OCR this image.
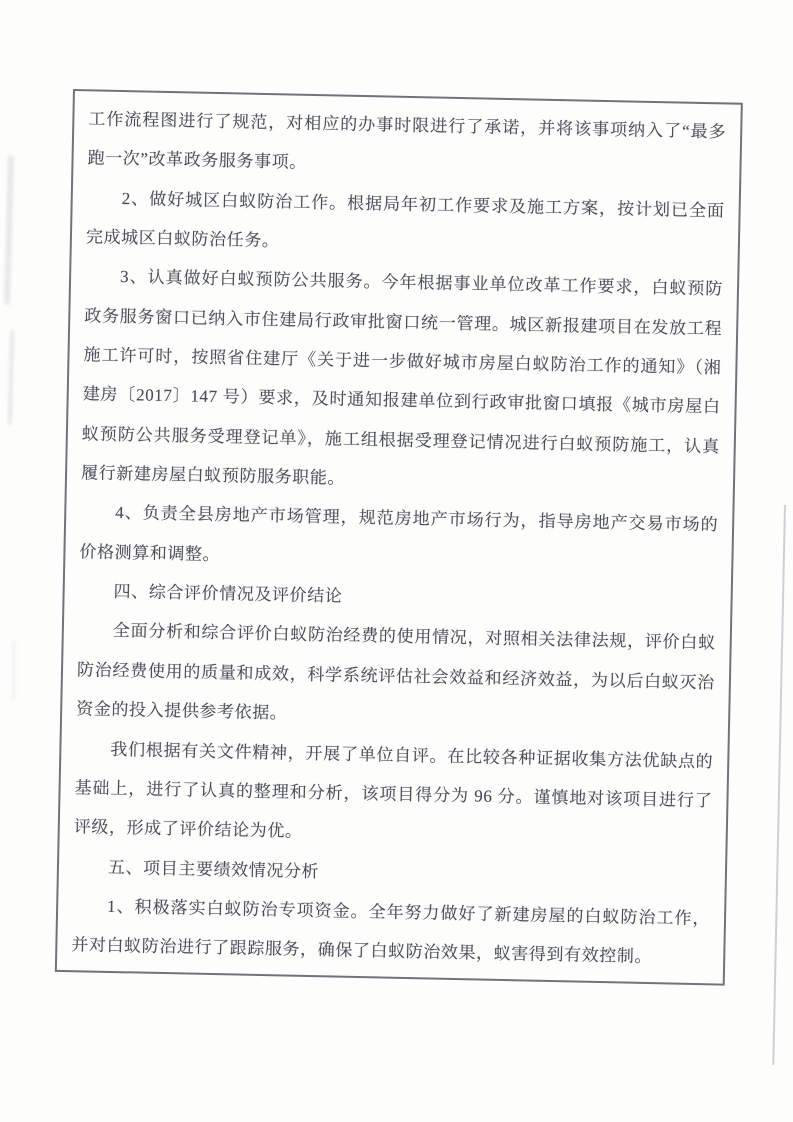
工作流程图进行了规范，对相应的办事时限进行了承诺，并将该事项纳入了“最多
跑一次”改革政务服务事项。
2、做好城区白蚁防治工作。根据局年初工作要求及施工方案，按计划已全面
完成城区白蚁防治任务。
3、认真做好白蚁预防公共服务。今年根据事业单位改革工作要求，白蚁预防
政务服务窗口已纳入市住建局行政审批窗口统一管理。城区新报建项目在发放工程
施工许可时，按照省住建厅《关于进一步做好城市房屋白蚁防治工作的通知》（湘
建房〔2017〕147 号）要求，及时通知报建单位到行政审批窗口填报《城市房屋白
蚁预防公共服务受理登记单》，施工组根据受理登记情况进行白蚁预防施工，认真
履行新建房屋白蚁预防服务职能。
4、负责全县房地产市场管理，规范房地产市场行为，指导房地产交易市场的
价格测算和调整。
四、综合评价情况及评价结论
全面分析和综合评价白蚁防治经费的使用情况，对照相关法律法规，评价白蚁
防治经费使用的质量和成效，科学系统评估社会效益和经济效益，为以后白蚁灭治
资金的投入提供参考依据。
我们根据有关文件精神，开展了单位自评。在比较各种证据收集方法优缺点的
基础上，进行了认真的整理和分析，该项目得分为 96 分。谨慎地对该项目进行了
评级，形成了评价结论为优。
五、项目主要绩效情况分析
1、积极落实白蚁防治专项资金。全年努力做好了新建房屋的白蚁防治工作，
并对白蚁防治进行了跟踪服务，确保了白蚁防治效果，蚁害得到有效控制。
